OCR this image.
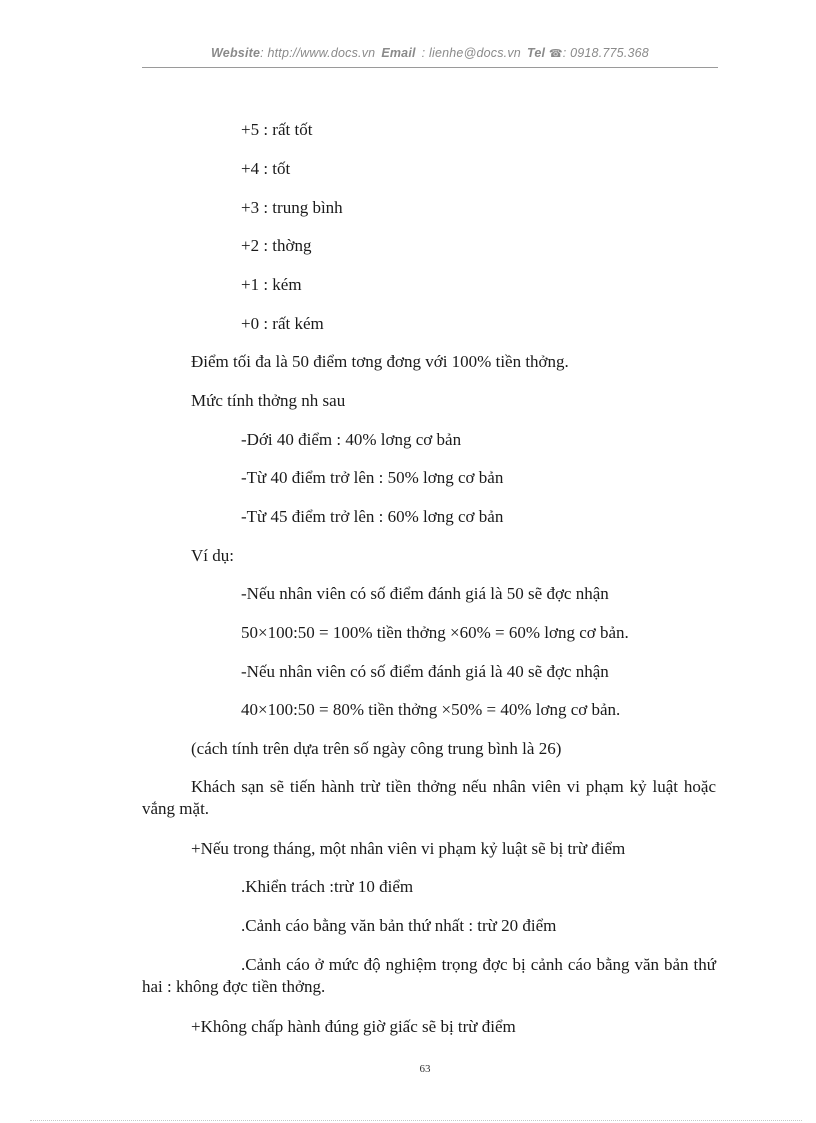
Website: http://www.docs.vn Email : lienhe@docs.vn Tel ☎: 0918.775.368
+5 : rất tốt
+4 : tốt
+3 : trung bình
+2 : thờng
+1 : kém
+0 : rất kém
Điểm tối đa là 50 điểm tơng đơng với 100% tiền thởng.
Mức tính thởng nh sau
-Dới 40 điểm : 40% lơng cơ bản
-Từ 40 điểm trở lên : 50% lơng cơ bản
-Từ 45 điểm trở lên : 60% lơng cơ bản
Ví dụ:
-Nếu nhân viên có số điểm đánh giá là 50 sẽ đợc nhận
50×100:50 = 100% tiền thởng ×60% = 60% lơng cơ bản.
-Nếu nhân viên có số điểm đánh giá là 40 sẽ đợc nhận
40×100:50 = 80% tiền thởng ×50% = 40% lơng cơ bản.
(cách tính trên dựa trên số ngày công trung bình là 26)
Khách sạn sẽ tiến hành trừ tiền thởng nếu nhân viên vi phạm kỷ luật hoặc vắng mặt.
+Nếu trong tháng, một nhân viên vi phạm kỷ luật sẽ bị trừ điểm
.Khiển trách :trừ 10 điểm
.Cảnh cáo bằng văn bản thứ nhất : trừ 20 điểm
.Cảnh cáo ở mức độ nghiệm trọng đợc bị cảnh cáo bằng văn bản thứ hai : không đợc tiền thởng.
+Không chấp hành đúng giờ giấc sẽ bị trừ điểm
63
